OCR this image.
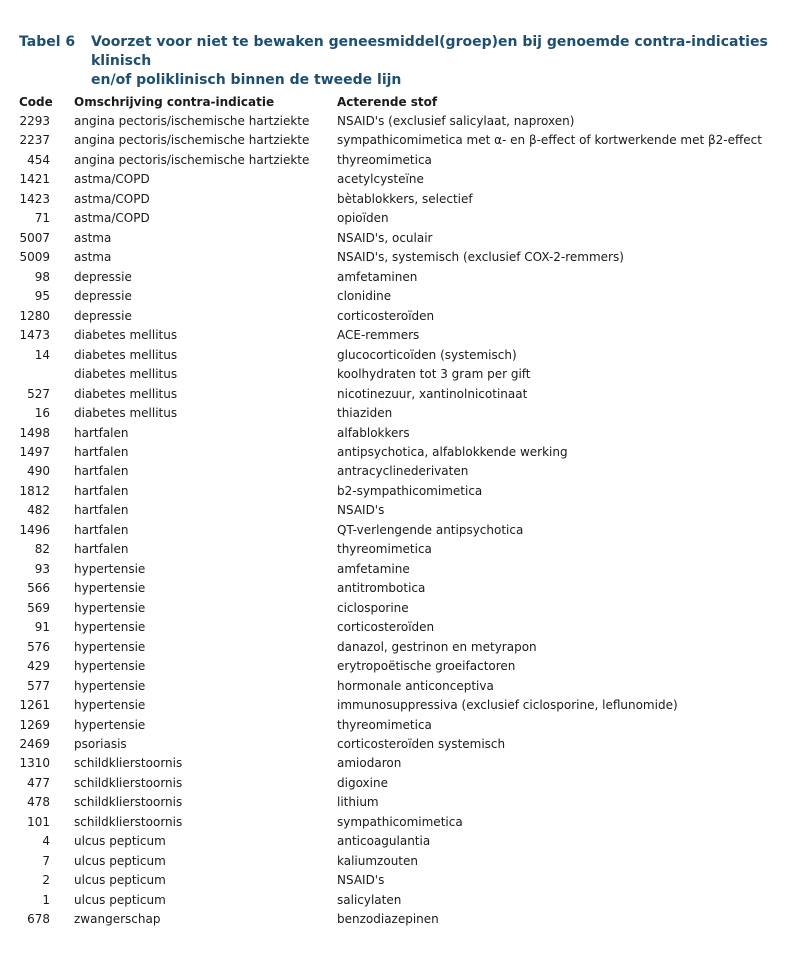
Tabel 6	Voorzet voor niet te bewaken geneesmiddel(groep)en bij genoemde contra-indicaties klinisch
en/of poliklinisch binnen de tweede lijn
Code Omschrijving contra-indicatie	Acterende stof
2293 angina pectoris/ischemische hartziekte	NSAID's (exclusief salicylaat, naproxen)
2237 angina pectoris/ischemische hartziekte	sympathicomimetica met α- en β-effect of kortwerkende met β2-effect
454 angina pectoris/ischemische hartziekte	thyreomimetica
1421 astma/COPD	acetylcysteïne
1423 astma/COPD	bètablokkers, selectief
71 astma/COPD	opioïden
5007 astma	NSAID's, oculair
5009 astma	NSAID's, systemisch (exclusief COX-2-remmers)
98 depressie	amfetaminen
95 depressie	clonidine
1280 depressie	corticosteroïden
1473 diabetes mellitus	ACE-remmers
14 diabetes mellitus	glucocorticoïden (systemisch)
diabetes mellitus	koolhydraten tot 3 gram per gift
527 diabetes mellitus	nicotinezuur, xantinolnicotinaat
16 diabetes mellitus	thiaziden
1498 hartfalen	alfablokkers
1497 hartfalen	antipsychotica, alfablokkende werking
490 hartfalen	antracyclinederivaten
1812 hartfalen	b2-sympathicomimetica
482 hartfalen	NSAID's
1496 hartfalen	QT-verlengende antipsychotica
82 hartfalen	thyreomimetica
93 hypertensie	amfetamine
566 hypertensie	antitrombotica
569 hypertensie	ciclosporine
91 hypertensie	corticosteroïden
576 hypertensie	danazol, gestrinon en metyrapon
429 hypertensie	erytropoëtische groeifactoren
577 hypertensie	hormonale anticonceptiva
1261 hypertensie	immunosuppressiva (exclusief ciclosporine, leflunomide)
1269 hypertensie	thyreomimetica
2469 psoriasis	corticosteroïden systemisch
1310 schildklierstoornis	amiodaron
477 schildklierstoornis	digoxine
478 schildklierstoornis	lithium
101 schildklierstoornis	sympathicomimetica
4 ulcus pepticum	anticoagulantia
7 ulcus pepticum	kaliumzouten
2 ulcus pepticum	NSAID's
1 ulcus pepticum	salicylaten
678 zwangerschap	benzodiazepinen
